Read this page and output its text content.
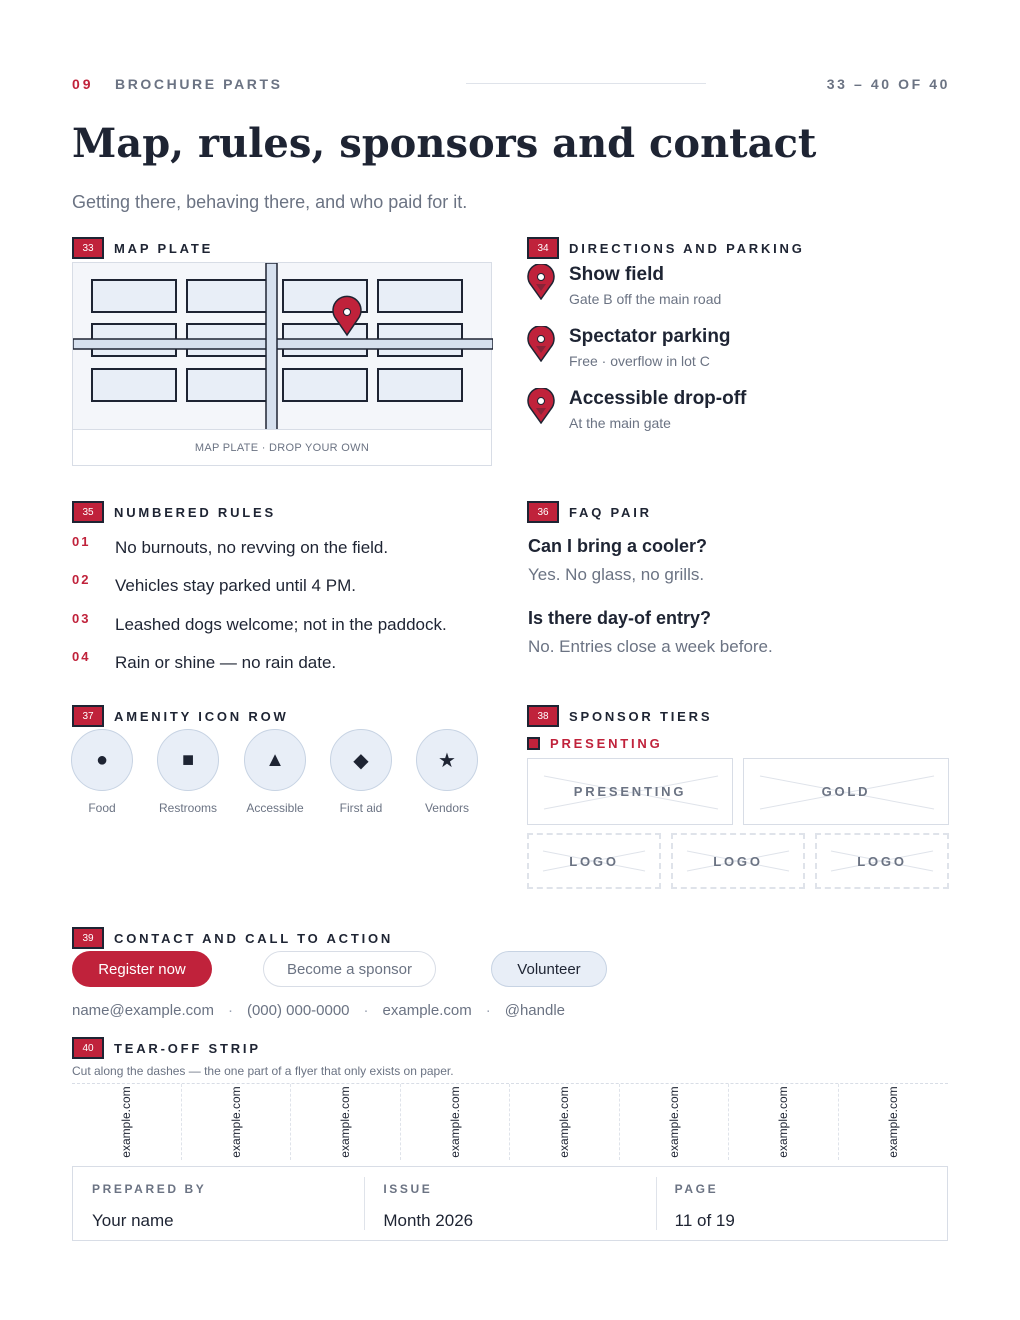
09 BROCHURE PARTS	33 – 40 OF 40
Map, rules, sponsors and contact
Getting there, behaving there, and who paid for it.
33	MAP PLATE
MAP PLATE · DROP YOUR OWN
34	DIRECTIONS AND PARKING
Show field
Gate B off the main road
Spectator parking
Free · overflow in lot C
Accessible drop-off
At the main gate
35	NUMBERED RULES
01	No burnouts, no revving on the field.
02	Vehicles stay parked until 4 PM.
03	Leashed dogs welcome; not in the paddock.
04	Rain or shine — no rain date.
36	FAQ PAIR
Can I bring a cooler?
Yes. No glass, no grills.
Is there day-of entry?
No. Entries close a week before.
37	AMENITY ICON ROW
●
Food
■
Restrooms
▲
Accessible
◆
First aid
★
Vendors
38	SPONSOR TIERS
PRESENTING
PRESENTING	GOLD
LOGO	LOGO	LOGO
39	CONTACT AND CALL TO ACTION
Register now	Become a sponsor	Volunteer
name@example.com · (000) 000-0000 · example.com · @handle
40	TEAR-OFF STRIP
Cut along the dashes — the one part of a flyer that only exists on paper.
example.com	example.com	example.com	example.com	example.com	example.com	example.com	example.com
PREPARED BY
Your name
ISSUE
Month 2026
PAGE
11 of 19
